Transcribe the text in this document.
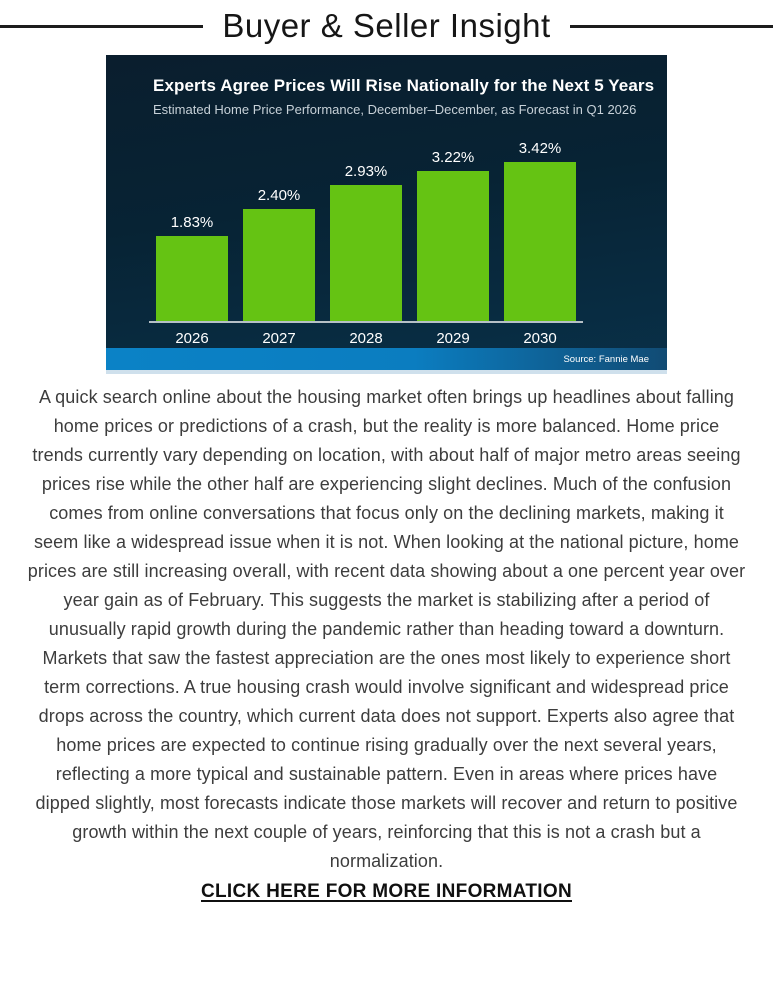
Buyer & Seller Insight
Experts Agree Prices Will Rise Nationally for the Next 5 Years
Estimated Home Price Performance, December–December, as Forecast in Q1 2026
1.83%
2.40%
2.93%
3.22%
3.42%
2026	2027	2028	2029	2030
Source: Fannie Mae

A quick search online about the housing market often brings up headlines about falling home prices or predictions of a crash, but the reality is more balanced. Home price trends currently vary depending on location, with about half of major metro areas seeing prices rise while the other half are experiencing slight declines. Much of the confusion comes from online conversations that focus only on the declining markets, making it seem like a widespread issue when it is not. When looking at the national picture, home prices are still increasing overall, with recent data showing about a one percent year over year gain as of February. This suggests the market is stabilizing after a period of unusually rapid growth during the pandemic rather than heading toward a downturn. Markets that saw the fastest appreciation are the ones most likely to experience short term corrections. A true housing crash would involve significant and widespread price drops across the country, which current data does not support. Experts also agree that home prices are expected to continue rising gradually over the next several years, reflecting a more typical and sustainable pattern. Even in areas where prices have dipped slightly, most forecasts indicate those markets will recover and return to positive growth within the next couple of years, reinforcing that this is not a crash but a normalization.

CLICK HERE FOR MORE INFORMATION
